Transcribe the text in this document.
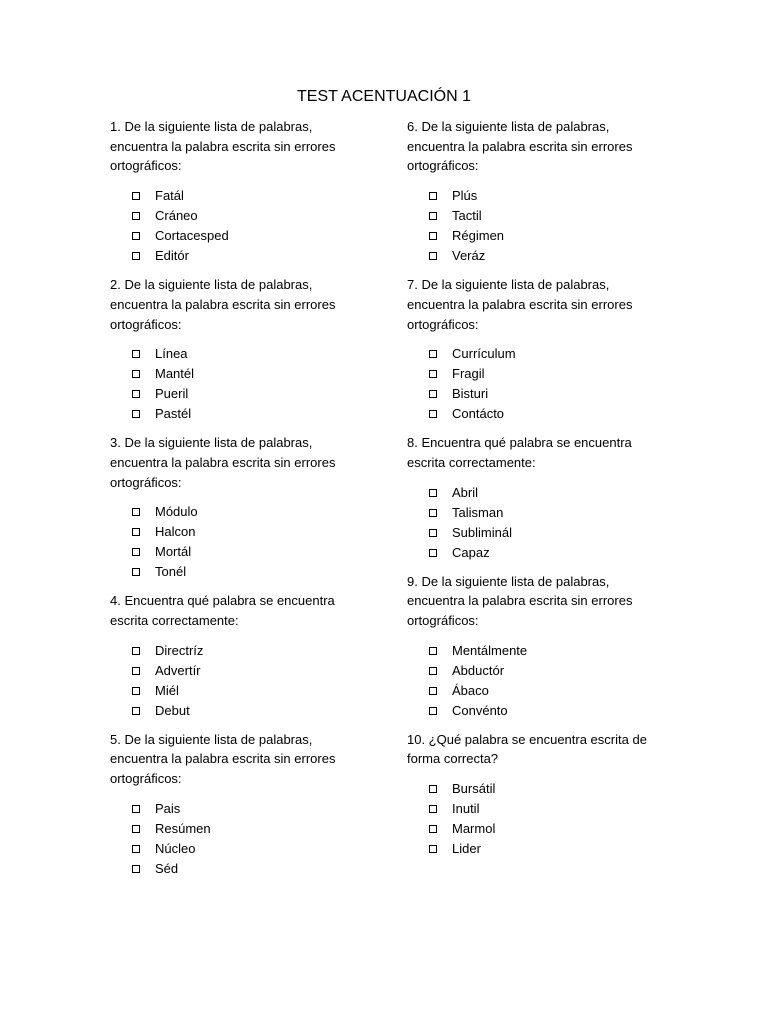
TEST ACENTUACIÓN 1

1. De la siguiente lista de palabras, encuentra la palabra escrita sin errores ortográficos:

Fatál
Cráneo
Cortacesped
Editór

2. De la siguiente lista de palabras, encuentra la palabra escrita sin errores ortográficos:

Línea
Mantél
Pueril
Pastél

3. De la siguiente lista de palabras, encuentra la palabra escrita sin errores ortográficos:

Módulo
Halcon
Mortál
Tonél

4. Encuentra qué palabra se encuentra escrita correctamente:

Directríz
Advertír
Miél
Debut

5. De la siguiente lista de palabras, encuentra la palabra escrita sin errores ortográficos:

Pais
Resúmen
Núcleo
Séd

6. De la siguiente lista de palabras, encuentra la palabra escrita sin errores ortográficos:

Plús
Tactil
Régimen
Veráz

7. De la siguiente lista de palabras, encuentra la palabra escrita sin errores ortográficos:

Currículum
Fragil
Bisturi
Contácto

8. Encuentra qué palabra se encuentra escrita correctamente:

Abril
Talisman
Subliminál
Capaz

9. De la siguiente lista de palabras, encuentra la palabra escrita sin errores ortográficos:

Mentálmente
Abductór
Ábaco
Convénto

10. ¿Qué palabra se encuentra escrita de forma correcta?

Bursátil
Inutil
Marmol
Lider
